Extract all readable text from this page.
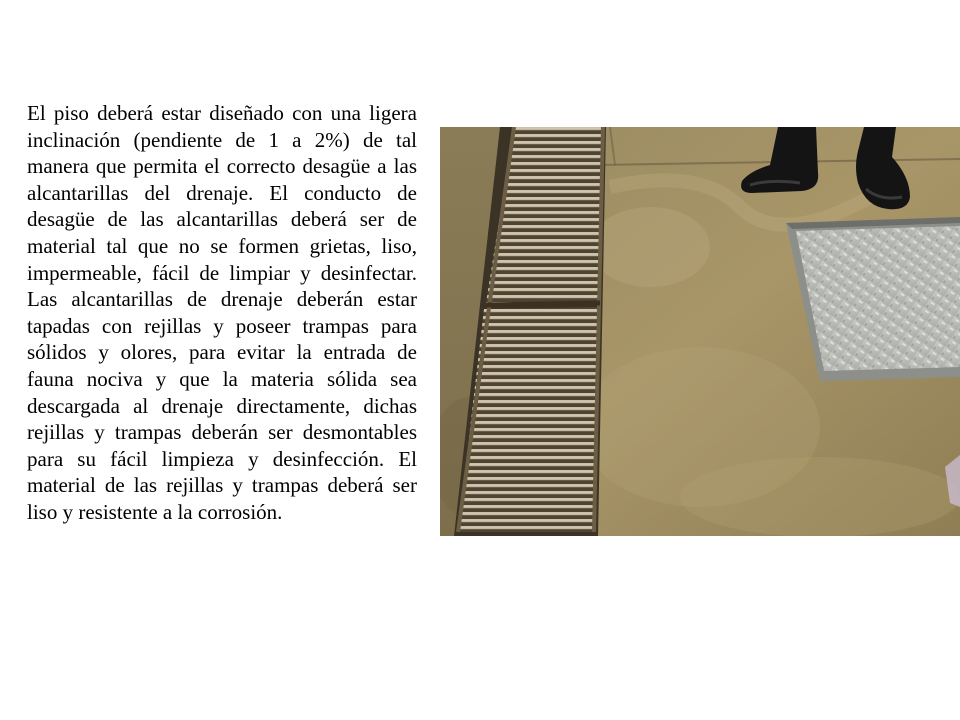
El piso deberá estar diseñado con una ligera inclinación (pendiente de 1 a 2%) de tal manera que permita el correcto desagüe a las alcantarillas del drenaje. El conducto de desagüe de las alcantarillas deberá ser de material tal que no se formen grietas, liso, impermeable, fácil de limpiar y desinfectar. Las alcantarillas de drenaje deberán estar tapadas con rejillas y poseer trampas para sólidos y olores, para evitar la entrada de fauna nociva y que la materia sólida sea descargada al drenaje directamente, dichas rejillas y trampas deberán ser desmontables para su fácil limpieza y desinfección. El material de las rejillas y trampas deberá ser liso y resistente a la corrosión.
